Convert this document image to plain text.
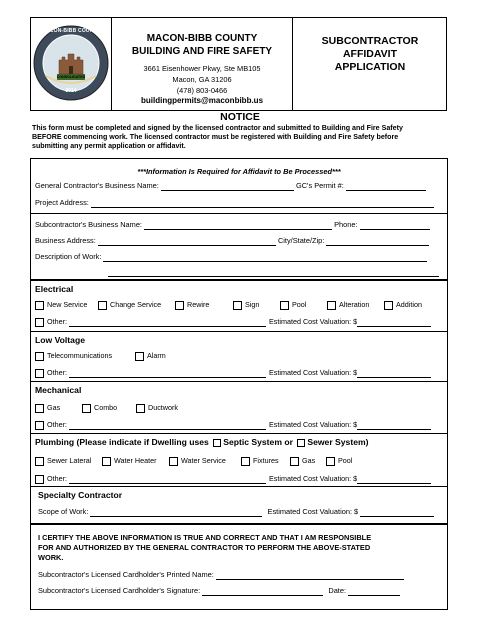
MACON-BIBB COUNTY
CONSOLIDATED
2014
MACON-BIBB COUNTY
BUILDING AND FIRE SAFETY
3661 Eisenhower Pkwy, Ste MB105
Macon, GA 31206
(478) 803-0466
buildingpermits@maconbibb.us
SUBCONTRACTOR
AFFIDAVIT
APPLICATION
NOTICE
This form must be completed and signed by the licensed contractor and submitted to Building and Fire Safety
BEFORE commencing work. The licensed contractor must be registered with Building and Fire Safety before
submitting any permit application or affidavit.
***Information Is Required for Affidavit to Be Processed***
General Contractor's Business Name:	GC's Permit #:
Project Address:
Subcontractor's Business Name:	Phone:
Business Address:	City/State/Zip:
Description of Work:
Electrical
New Service	Change Service	Rewire	Sign	Pool	Alteration	Addition
Other:	Estimated Cost Valuation: $
Low Voltage
Telecommunications	Alarm
Other:	Estimated Cost Valuation: $
Mechanical
Gas	Combo	Ductwork
Other:	Estimated Cost Valuation: $
Plumbing (Please indicate if Dwelling uses Septic System or Sewer System)
Sewer Lateral	Water Heater	Water Service	Fixtures	Gas	Pool
Other:	Estimated Cost Valuation: $
Specialty Contractor
Scope of Work:	Estimated Cost Valuation: $
I CERTIFY THE ABOVE INFORMATION IS TRUE AND CORRECT AND THAT I AM RESPONSIBLE
FOR AND AUTHORIZED BY THE GENERAL CONTRACTOR TO PERFORM THE ABOVE-STATED
WORK.
Subcontractor's Licensed Cardholder's Printed Name:
Subcontractor's Licensed Cardholder's Signature:	Date:
